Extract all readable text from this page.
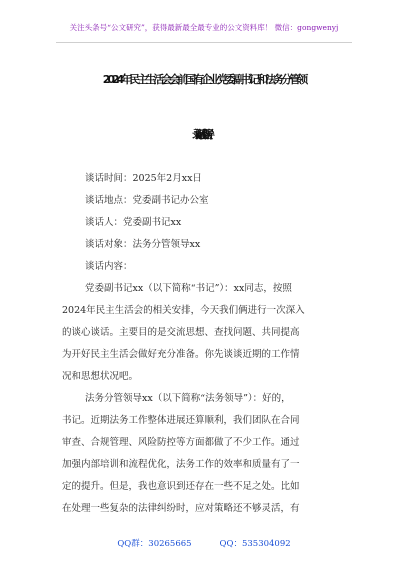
关注头条号“公文研究”，获得最新最全最专业的公文资料库！ 微信：gongwenyj
2024年民主生活会会前国有企业党委副书记和法务分管领
谈话时间：2025年2月xx日
谈话地点：党委副书记办公室
谈话人：党委副书记xx
谈话对象：法务分管领导xx
谈话内容：
党委副书记xx（以下简称“书记”）：xx同志，按照
2024年民主生活会的相关安排，今天我们俩进行一次深入
的谈心谈话。主要目的是交流思想、查找问题、共同提高
为开好民主生活会做好充分准备。你先谈谈近期的工作情
况和思想状况吧。
法务分管领导xx（以下简称“法务领导”）：好的，
书记。近期法务工作整体进展还算顺利，我们团队在合同
审查、合规管理、风险防控等方面都做了不少工作。通过
加强内部培训和流程优化，法务工作的效率和质量有了一
定的提升。但是，我也意识到还存在一些不足之处。比如
在处理一些复杂的法律纠纷时，应对策略还不够灵活，有
QQ群：30265665	QQ：535304092
